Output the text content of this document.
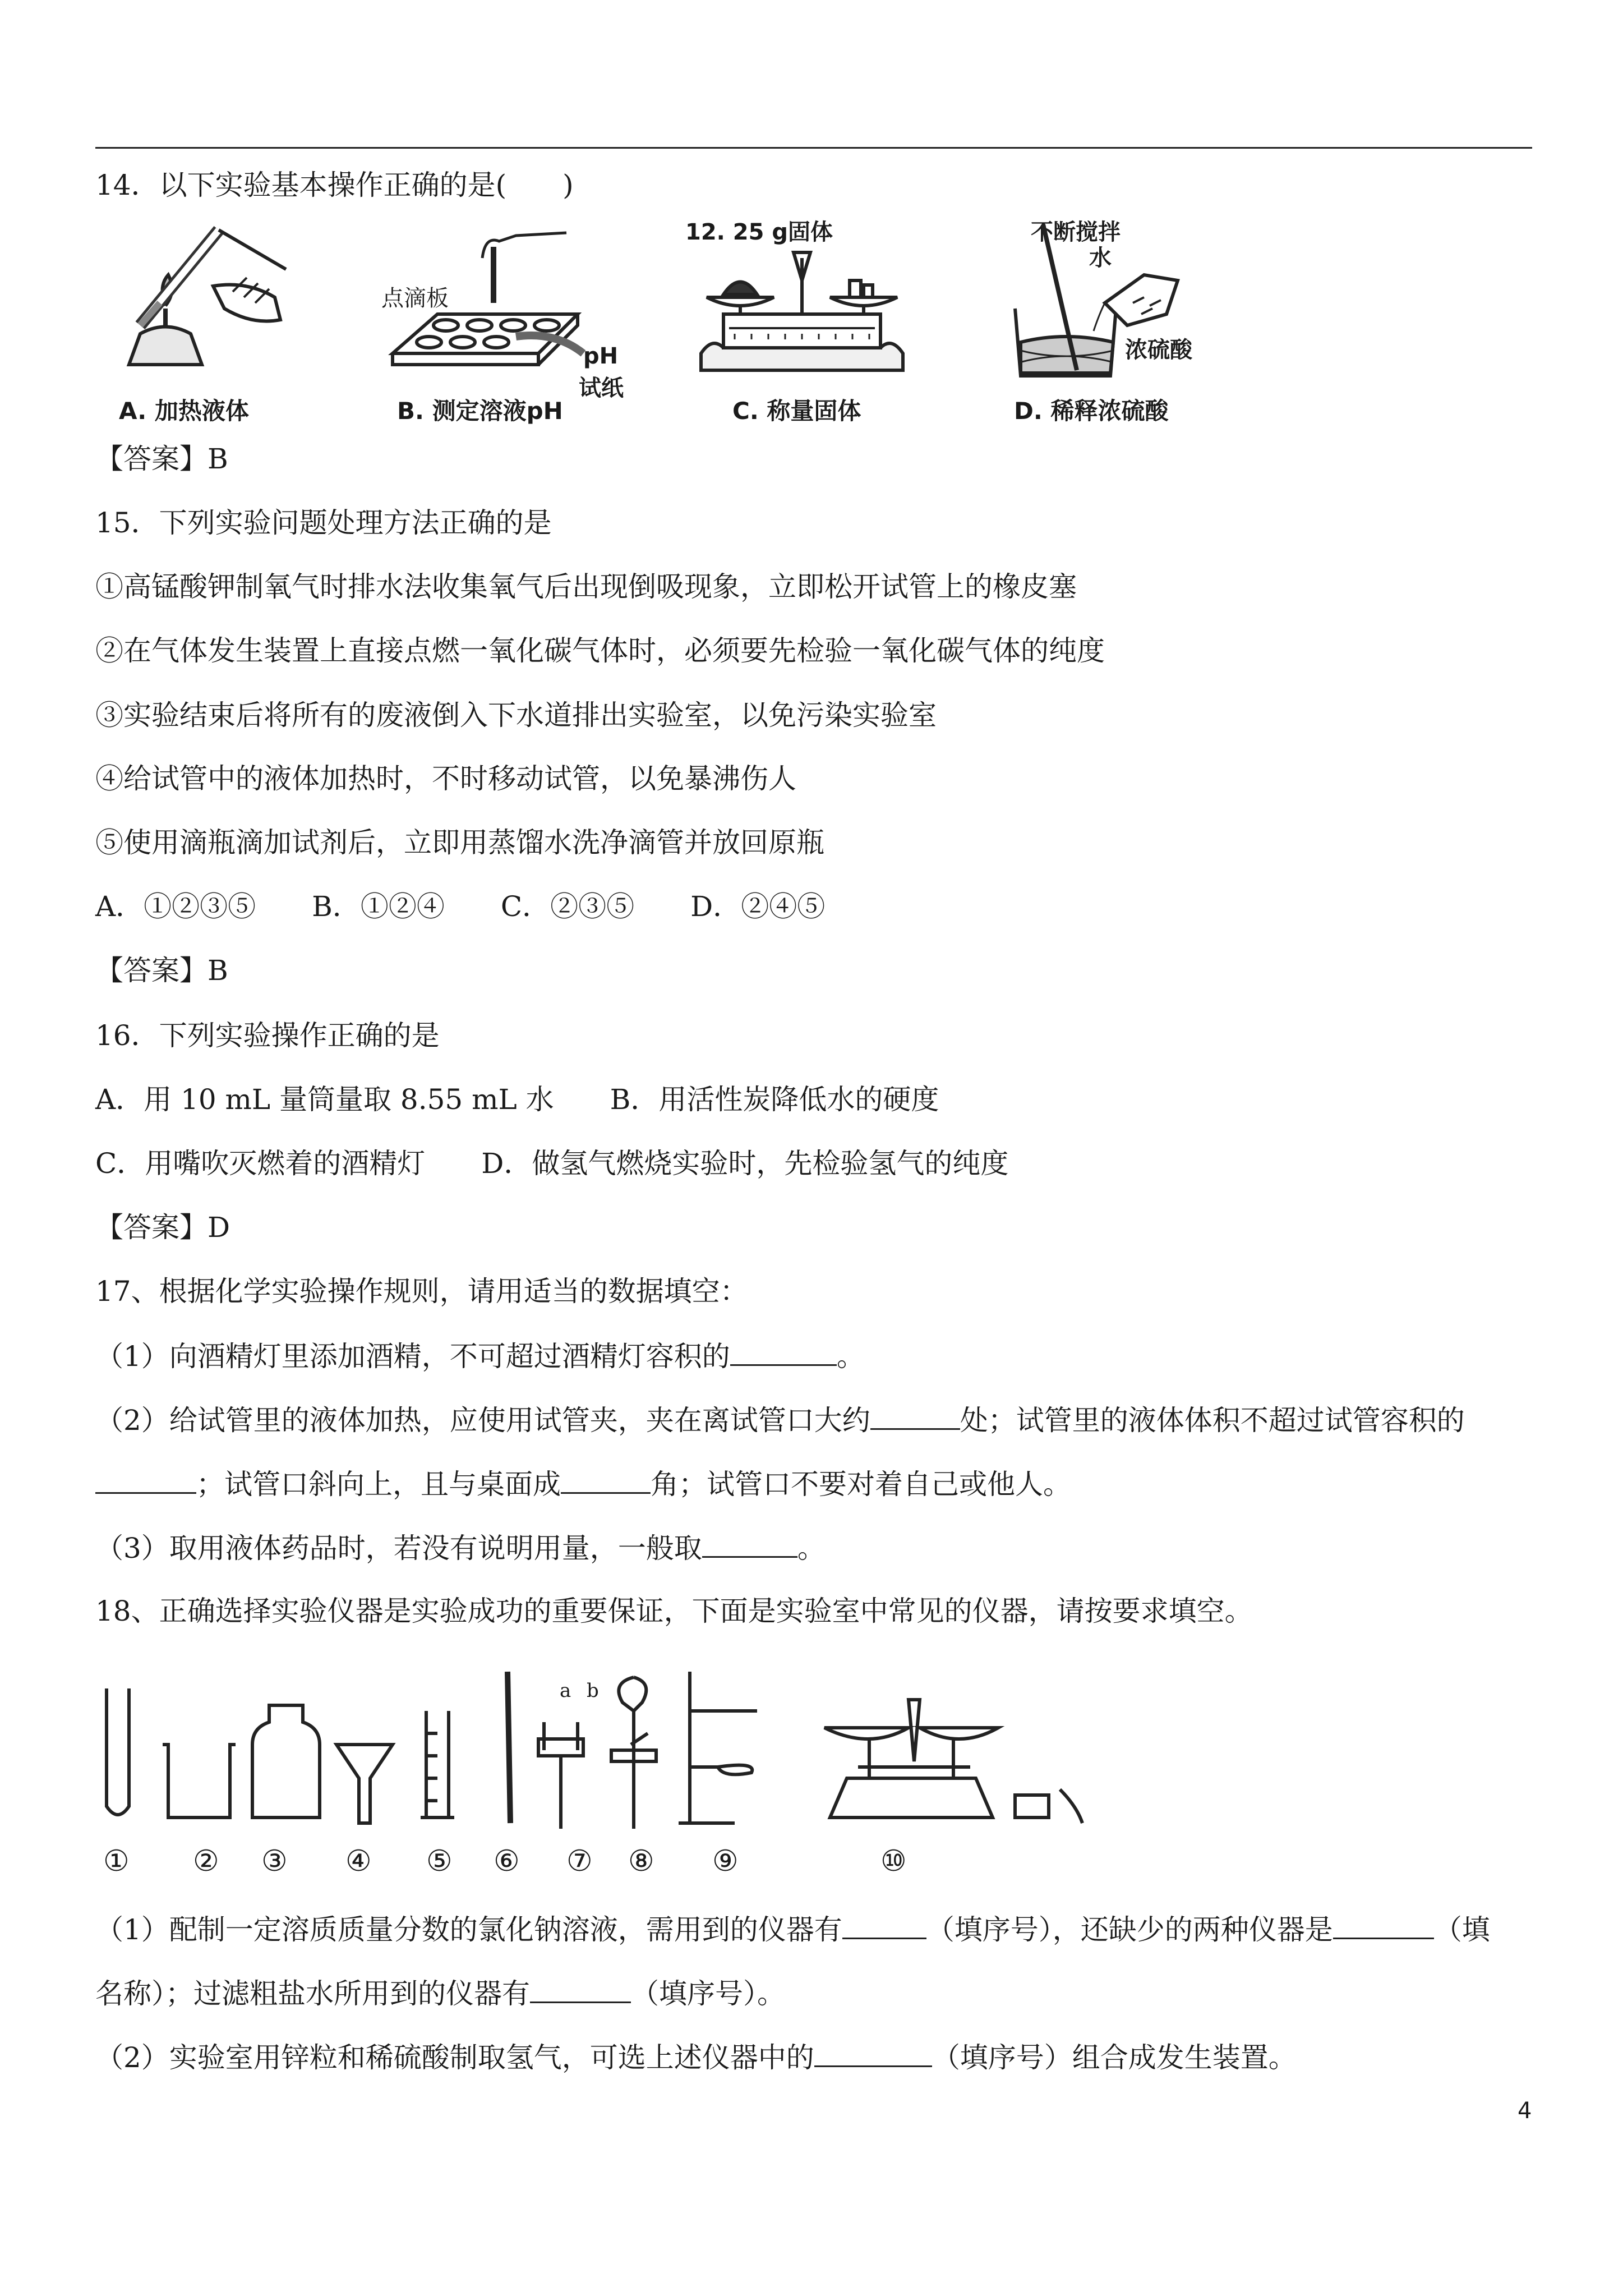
14．以下实验基本操作正确的是(　　)
A. 加热液体
点滴板
pH
试纸
B. 测定溶液pH
12. 25 g固体
C. 称量固体
不断搅拌
水
浓硫酸
D. 稀释浓硫酸
【答案】B
15．下列实验问题处理方法正确的是
①高锰酸钾制氧气时排水法收集氧气后出现倒吸现象，立即松开试管上的橡皮塞
②在气体发生装置上直接点燃一氧化碳气体时，必须要先检验一氧化碳气体的纯度
③实验结束后将所有的废液倒入下水道排出实验室，以免污染实验室
④给试管中的液体加热时，不时移动试管，以免暴沸伤人
⑤使用滴瓶滴加试剂后，立即用蒸馏水洗净滴管并放回原瓶
A．①②③⑤　　B．①②④　　C．②③⑤　　D．②④⑤
【答案】B
16．下列实验操作正确的是
A．用 10 mL 量筒量取 8.55 mL 水　　B．用活性炭降低水的硬度
C．用嘴吹灭燃着的酒精灯　　D．做氢气燃烧实验时，先检验氢气的纯度
【答案】D
17、根据化学实验操作规则，请用适当的数据填空：
（1）向酒精灯里添加酒精，不可超过酒精灯容积的	。
（2）给试管里的液体加热，应使用试管夹，夹在离试管口大约	处；试管里的液体体积不超过试管容积的
；试管口斜向上，且与桌面成	角；试管口不要对着自己或他人。
（3）取用液体药品时，若没有说明用量，一般取	。
18、正确选择实验仪器是实验成功的重要保证，下面是实验室中常见的仪器，请按要求填空。
a b
① ② ③ ④ ⑤ ⑥ ⑦ ⑧ ⑨	⑩
（1）配制一定溶质质量分数的氯化钠溶液，需用到的仪器有	（填序号），还缺少的两种仪器是	（填
名称）；过滤粗盐水所用到的仪器有	（填序号）。
（2）实验室用锌粒和稀硫酸制取氢气，可选上述仪器中的	（填序号）组合成发生装置。
4
